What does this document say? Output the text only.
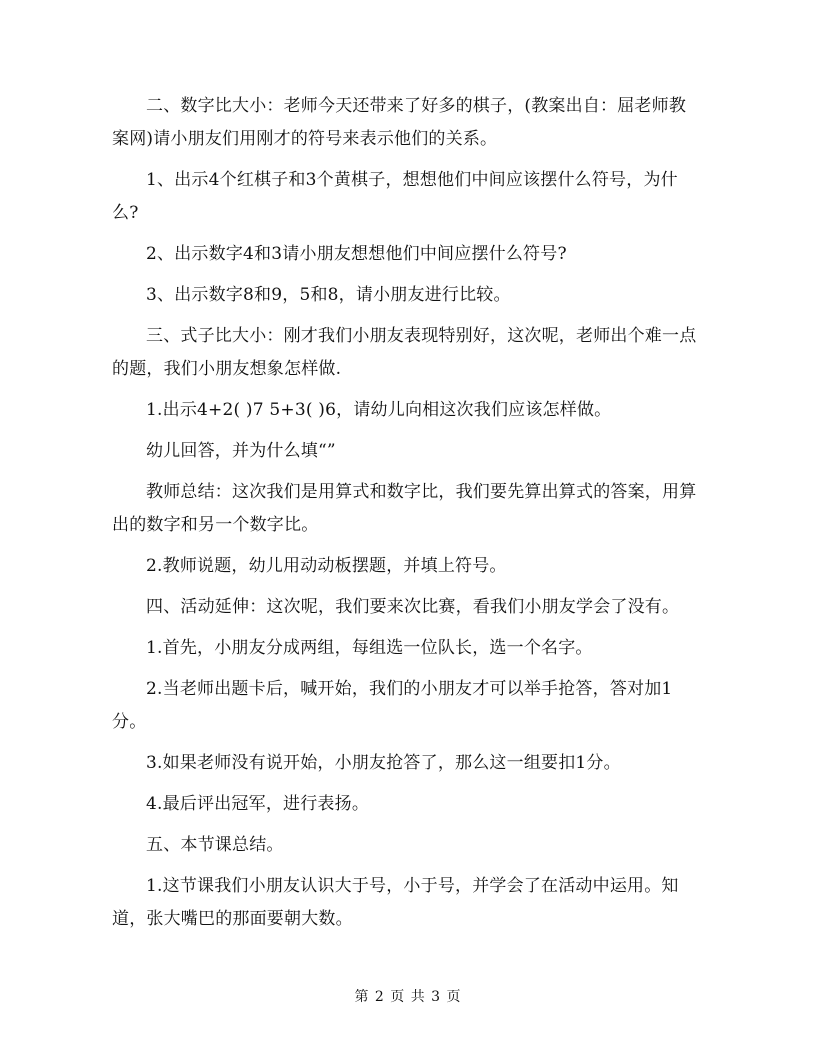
二、数字比大小：老师今天还带来了好多的棋子，(教案出自：屈老师教案网)请小朋友们用刚才的符号来表示他们的关系。

1、出示4个红棋子和3个黄棋子，想想他们中间应该摆什么符号，为什么?

2、出示数字4和3请小朋友想想他们中间应摆什么符号?

3、出示数字8和9，5和8，请小朋友进行比较。

三、式子比大小：刚才我们小朋友表现特别好，这次呢，老师出个难一点的题，我们小朋友想象怎样做.

1.出示4+2( )7 5+3( )6，请幼儿向相这次我们应该怎样做。

幼儿回答，并为什么填“”

教师总结：这次我们是用算式和数字比，我们要先算出算式的答案，用算出的数字和另一个数字比。

2.教师说题，幼儿用动动板摆题，并填上符号。

四、活动延伸：这次呢，我们要来次比赛，看我们小朋友学会了没有。

1.首先，小朋友分成两组，每组选一位队长，选一个名字。

2.当老师出题卡后，喊开始，我们的小朋友才可以举手抢答，答对加1分。

3.如果老师没有说开始，小朋友抢答了，那么这一组要扣1分。

4.最后评出冠军，进行表扬。

五、本节课总结。

1.这节课我们小朋友认识大于号，小于号，并学会了在活动中运用。知道，张大嘴巴的那面要朝大数。

第 2 页 共 3 页
